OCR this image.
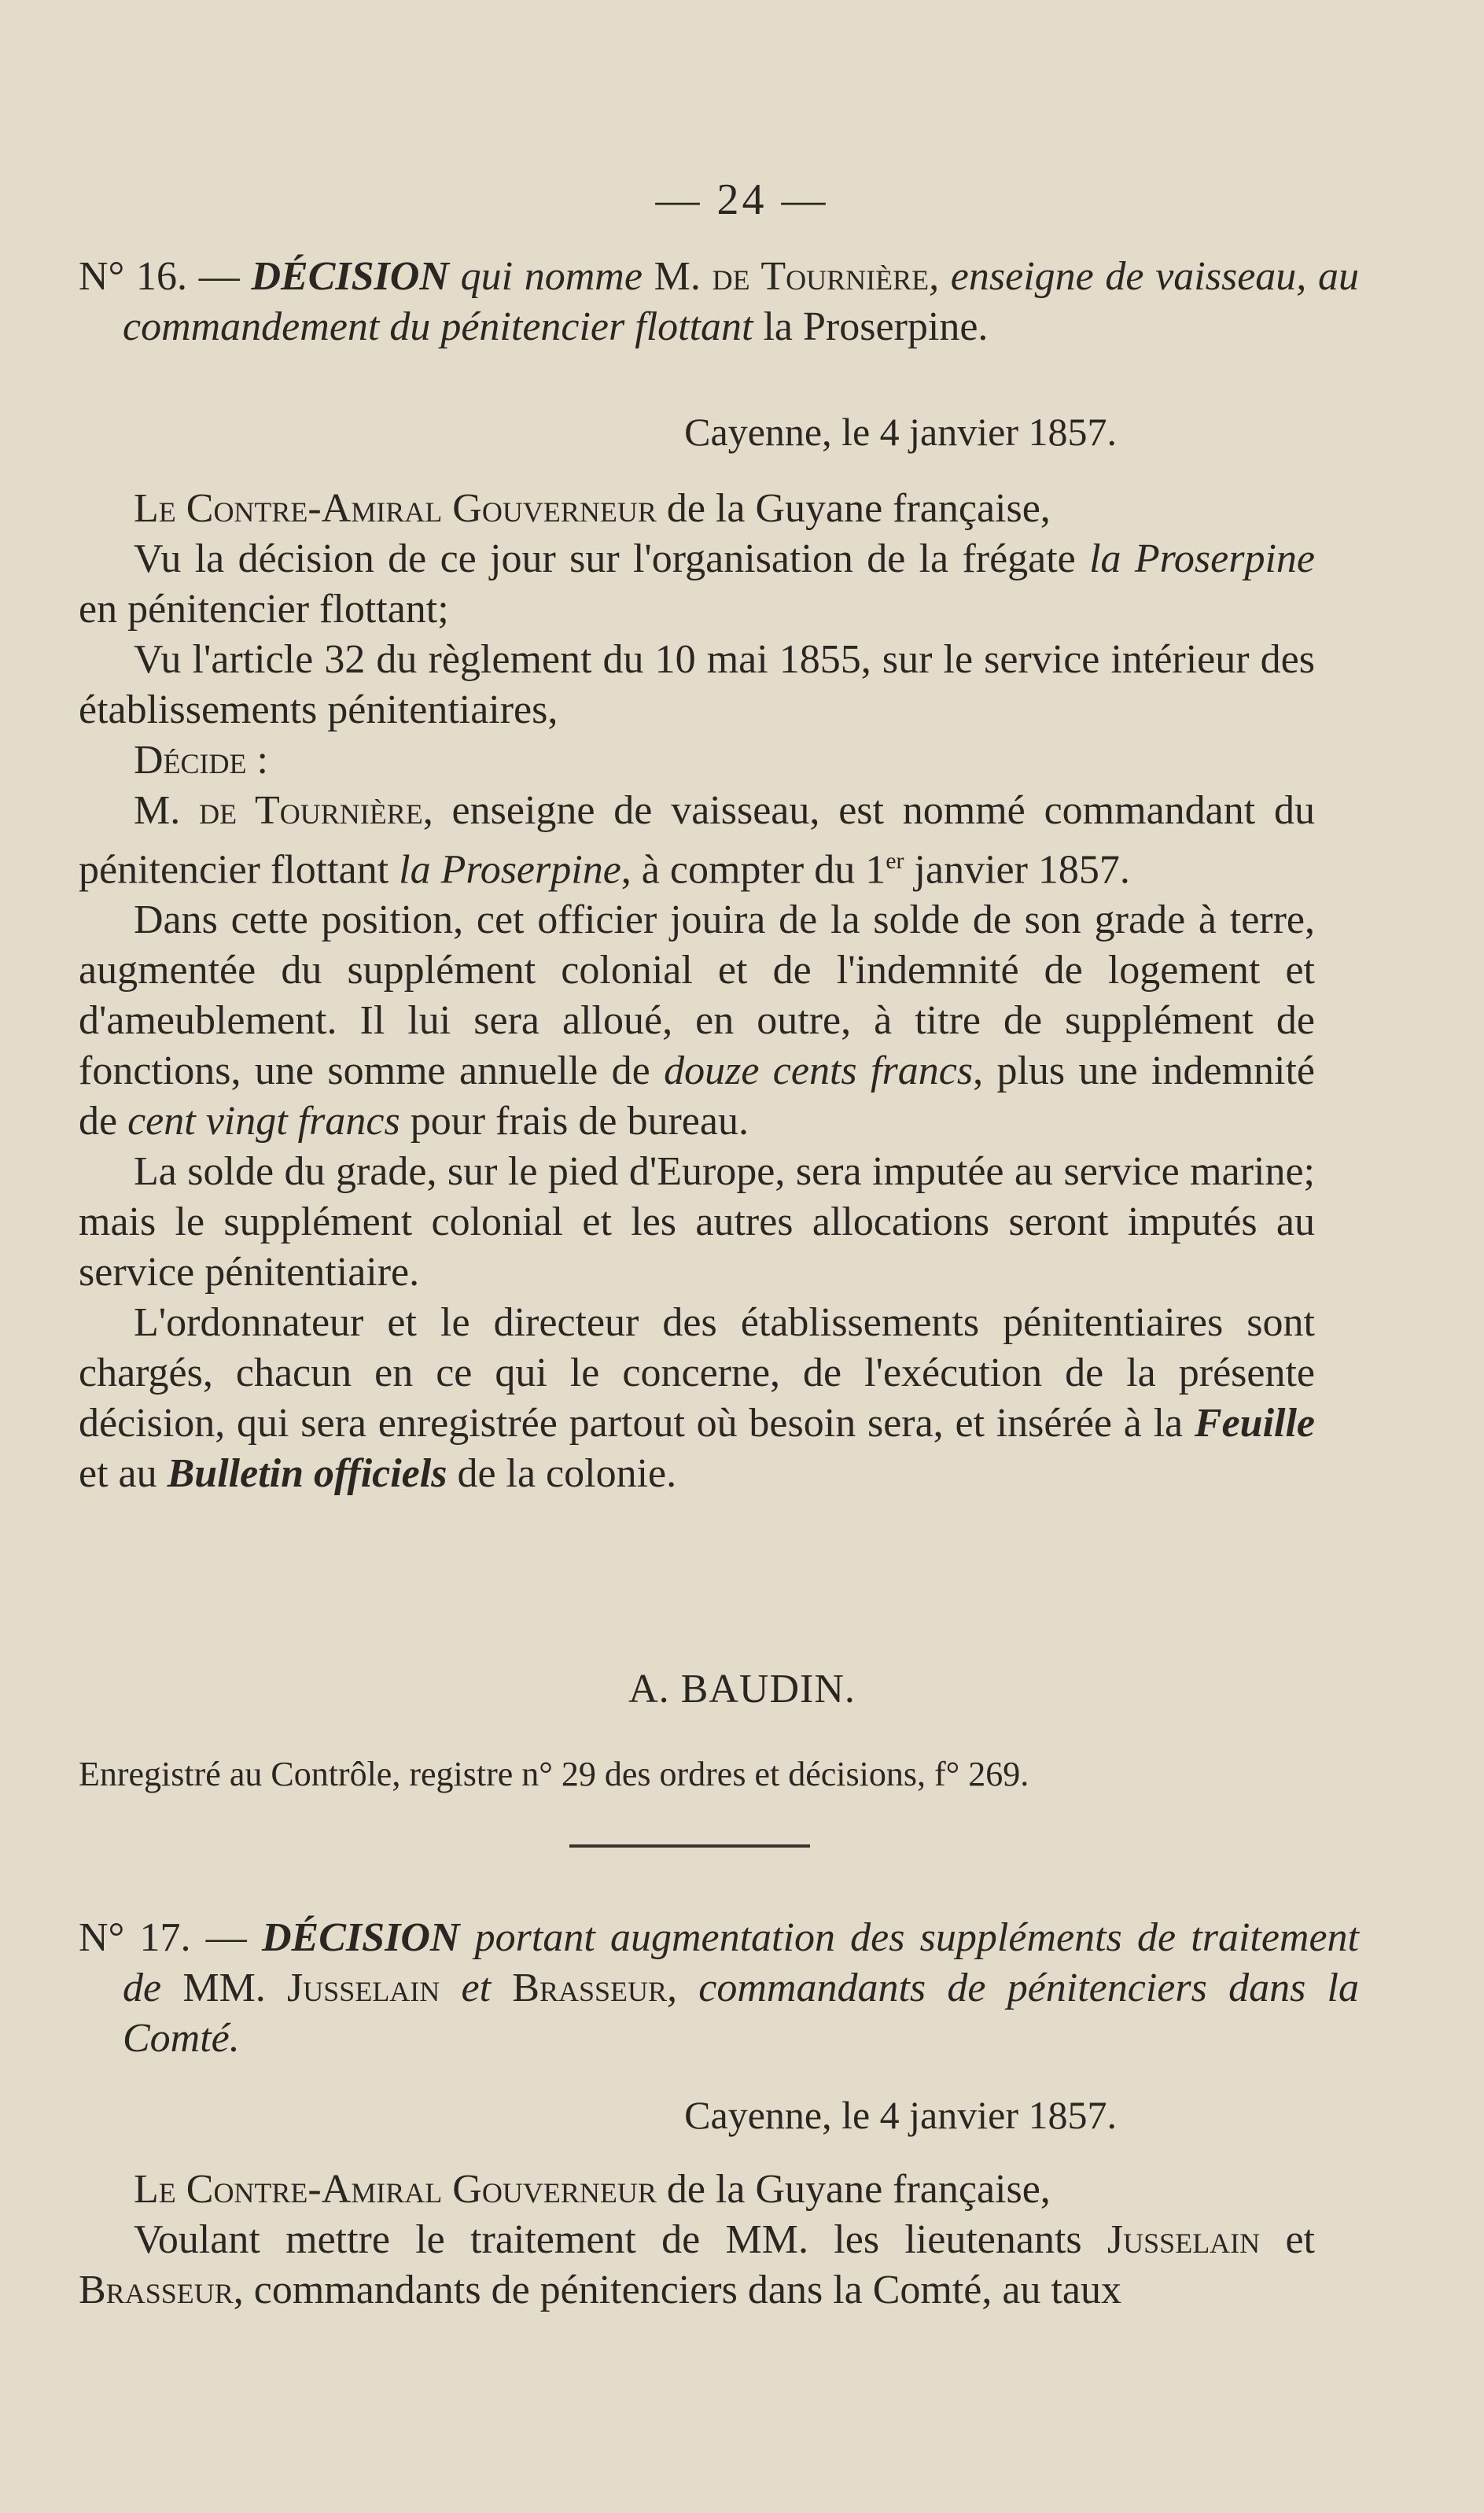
— 24 —
N° 16. — DÉCISION qui nomme M. de Tournière, enseigne de vaisseau, au commandement du pénitencier flottant la Proserpine.
Cayenne, le 4 janvier 1857.
Le Contre-Amiral Gouverneur de la Guyane française,
Vu la décision de ce jour sur l'organisation de la frégate la Proserpine en pénitencier flottant;
Vu l'article 32 du règlement du 10 mai 1855, sur le service intérieur des établissements pénitentiaires,
Décide :
M. de Tournière, enseigne de vaisseau, est nommé commandant du pénitencier flottant la Proserpine, à compter du 1er janvier 1857.
Dans cette position, cet officier jouira de la solde de son grade à terre, augmentée du supplément colonial et de l'indemnité de logement et d'ameublement. Il lui sera alloué, en outre, à titre de supplément de fonctions, une somme annuelle de douze cents francs, plus une indemnité de cent vingt francs pour frais de bureau.
La solde du grade, sur le pied d'Europe, sera imputée au service marine; mais le supplément colonial et les autres allocations seront imputés au service pénitentiaire.
L'ordonnateur et le directeur des établissements pénitentiaires sont chargés, chacun en ce qui le concerne, de l'exécution de la présente décision, qui sera enregistrée partout où besoin sera, et insérée à la Feuille et au Bulletin officiels de la colonie.
A. BAUDIN.
Enregistré au Contrôle, registre n° 29 des ordres et décisions, f° 269.
N° 17. — DÉCISION portant augmentation des suppléments de traitement de MM. Jusselain et Brasseur, commandants de pénitenciers dans la Comté.
Cayenne, le 4 janvier 1857.
Le Contre-Amiral Gouverneur de la Guyane française,
Voulant mettre le traitement de MM. les lieutenants Jusselain et Brasseur, commandants de pénitenciers dans la Comté, au taux
